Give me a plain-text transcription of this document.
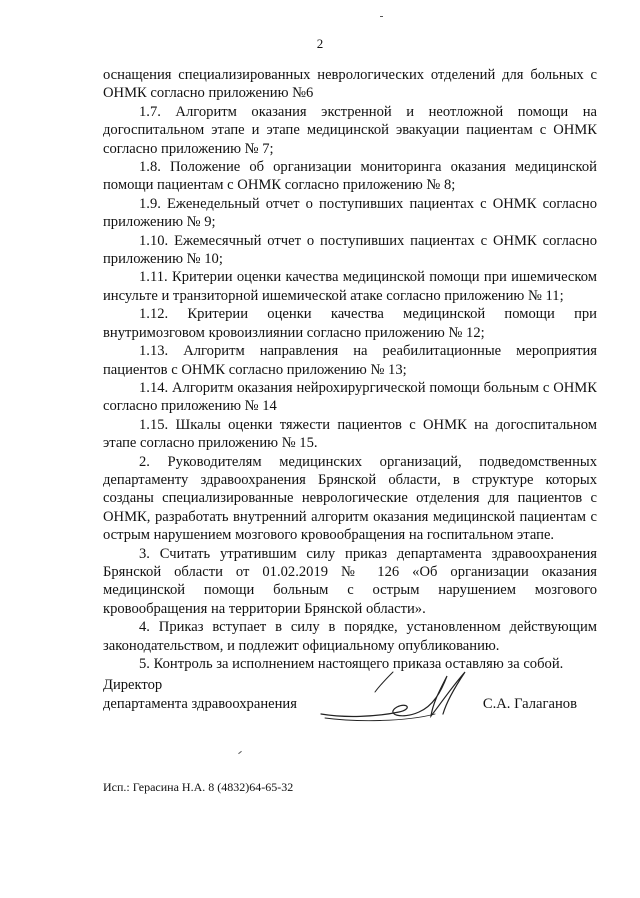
2

оснащения специализированных неврологических отделений для больных с ОНМК согласно приложению №6

1.7. Алгоритм оказания экстренной и неотложной помощи на догоспитальном этапе и этапе медицинской эвакуации пациентам с ОНМК согласно приложению № 7;

1.8. Положение об организации мониторинга оказания медицинской помощи пациентам с ОНМК согласно приложению № 8;

1.9. Еженедельный отчет о поступивших пациентах с ОНМК согласно приложению № 9;

1.10. Ежемесячный отчет о поступивших пациентах с ОНМК согласно приложению № 10;

1.11. Критерии оценки качества медицинской помощи при ишемическом инсульте и транзиторной ишемической атаке согласно приложению № 11;

1.12. Критерии оценки качества медицинской помощи при внутримозговом кровоизлиянии согласно приложению № 12;

1.13. Алгоритм направления на реабилитационные мероприятия пациентов с ОНМК согласно приложению № 13;

1.14. Алгоритм оказания нейрохирургической помощи больным с ОНМК согласно приложению № 14

1.15. Шкалы оценки тяжести пациентов с ОНМК на догоспитальном этапе согласно приложению № 15.

2. Руководителям медицинских организаций, подведомственных департаменту здравоохранения Брянской области, в структуре которых созданы специализированные неврологические отделения для пациентов с ОНМК, разработать внутренний алгоритм оказания медицинской пациентам с острым нарушением мозгового кровообращения на госпитальном этапе.

3. Считать утратившим силу приказ департамента здравоохранения Брянской области от 01.02.2019 № 126 «Об организации оказания медицинской помощи больным с острым нарушением мозгового кровообращения на территории Брянской области».

4. Приказ вступает в силу в порядке, установленном действующим законодательством, и подлежит официальному опубликованию.

5. Контроль за исполнением настоящего приказа оставляю за собой.

Директор
департамента здравоохранения	С.А. Галаганов
Исп.: Герасина Н.А. 8 (4832)64-65-32
